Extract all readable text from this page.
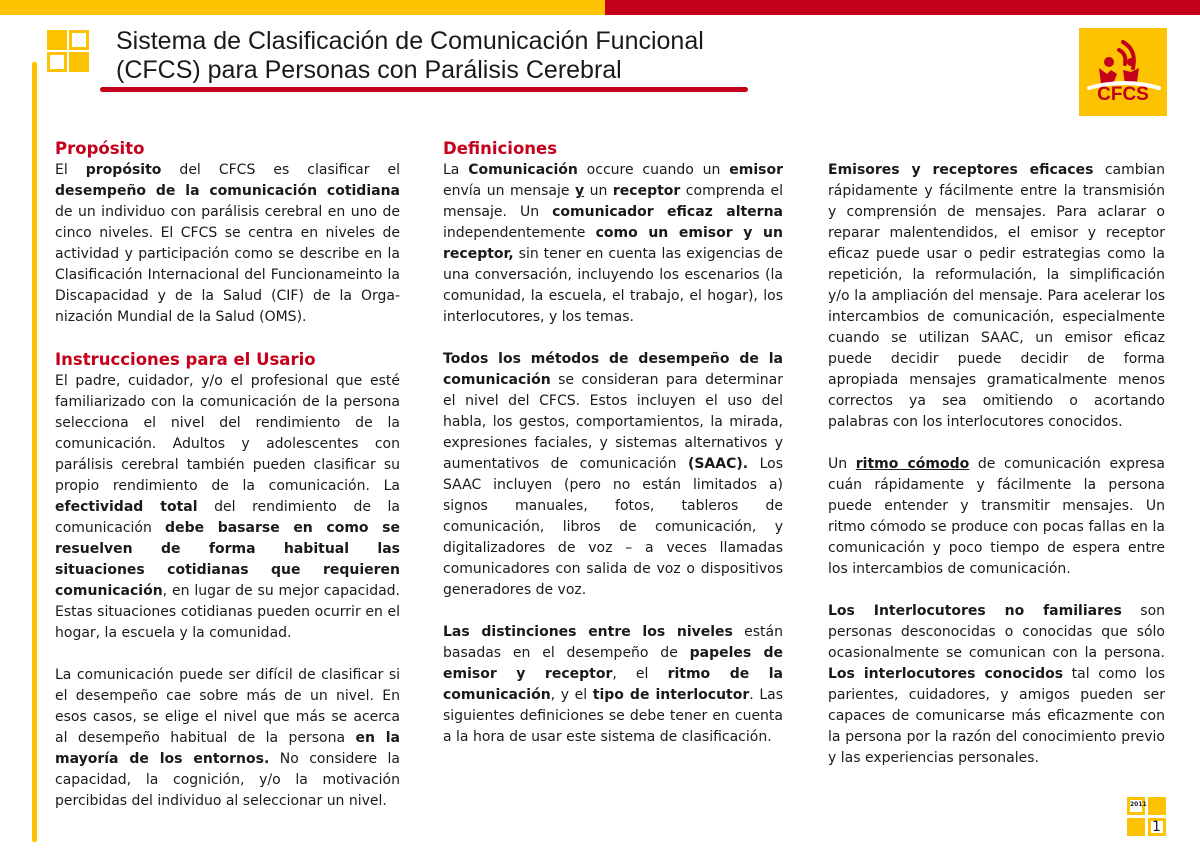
Sistema de Clasificación de Comunicación Funcional
(CFCS) para Personas con Parálisis Cerebral
CFCS
Propósito

El propósito del CFCS es clasificar el desempeño de la comunicación cotidiana de un individuo con parálisis cerebral en uno de cinco niveles. El CFCS se centra en niveles de actividad y participación como se describe en la Clasificación Internacional del Funcionameinto la Discapacidad y de la Salud (CIF) de la Orga-nización Mundial de la Salud (OMS).

Instrucciones para el Usario

El padre, cuidador, y/o el profesional que esté familiarizado con la comunicación de la persona selecciona el nivel del rendimiento de la comunicación. Adultos y adolescentes con parálisis cerebral también pueden clasificar su propio rendimiento de la comunicación. La efectividad total del rendimiento de la comunicación debe basarse en como se resuelven de forma habitual las situaciones cotidianas que requieren comunicación, en lugar de su mejor capacidad. Estas situaciones cotidianas pueden ocurrir en el hogar, la escuela y la comunidad.

La comunicación puede ser difícil de clasificar si el desempeño cae sobre más de un nivel. En esos casos, se elige el nivel que más se acerca al desempeño habitual de la persona en la mayoría de los entornos. No considere la capacidad, la cognición, y/o la motivación percibidas del individuo al seleccionar un nivel.

Definiciones

La Comunicación occure cuando un emisor envía un mensaje y un receptor comprenda el mensaje. Un comunicador eficaz alterna independentemente como un emisor y un receptor, sin tener en cuenta las exigencias de una conversación, incluyendo los escenarios (la comunidad, la escuela, el trabajo, el hogar), los interlocutores, y los temas.

Todos los métodos de desempeño de la comunicación se consideran para determinar el nivel del CFCS. Estos incluyen el uso del habla, los gestos, comportamientos, la mirada, expresiones faciales, y sistemas alternativos y aumentativos de comunicación (SAAC). Los SAAC incluyen (pero no están limitados a) signos manuales, fotos, tableros de comunicación, libros de comunicación, y digitalizadores de voz – a veces llamadas comunicadores con salida de voz o dispositivos generadores de voz.

Las distinciones entre los niveles están basadas en el desempeño de papeles de emisor y receptor, el ritmo de la comunicación, y el tipo de interlocutor. Las siguientes definiciones se debe tener en cuenta a la hora de usar este sistema de clasificación.

Emisores y receptores eficaces cambian rápidamente y fácilmente entre la transmisión y comprensión de mensajes. Para aclarar o reparar malentendidos, el emisor y receptor eficaz puede usar o pedir estrategias como la repetición, la reformulación, la simplificación y/o la ampliación del mensaje. Para acelerar los intercambios de comunicación, especialmente cuando se utilizan SAAC, un emisor eficaz puede decidir puede decidir de forma apropiada mensajes gramaticalmente menos correctos ya sea omitiendo o acortando palabras con los interlocutores conocidos.

Un ritmo cómodo de comunicación expresa cuán rápidamente y fácilmente la persona puede entender y transmitir mensajes. Un ritmo cómodo se produce con pocas fallas en la comunicación y poco tiempo de espera entre los intercambios de comunicación.

Los Interlocutores no familiares son personas desconocidas o conocidas que sólo ocasionalmente se comunican con la persona. Los interlocutores conocidos tal como los parientes, cuidadores, y amigos pueden ser capaces de comunicarse más eficazmente con la persona por la razón del conocimiento previo y las experiencias personales.

2011
1
